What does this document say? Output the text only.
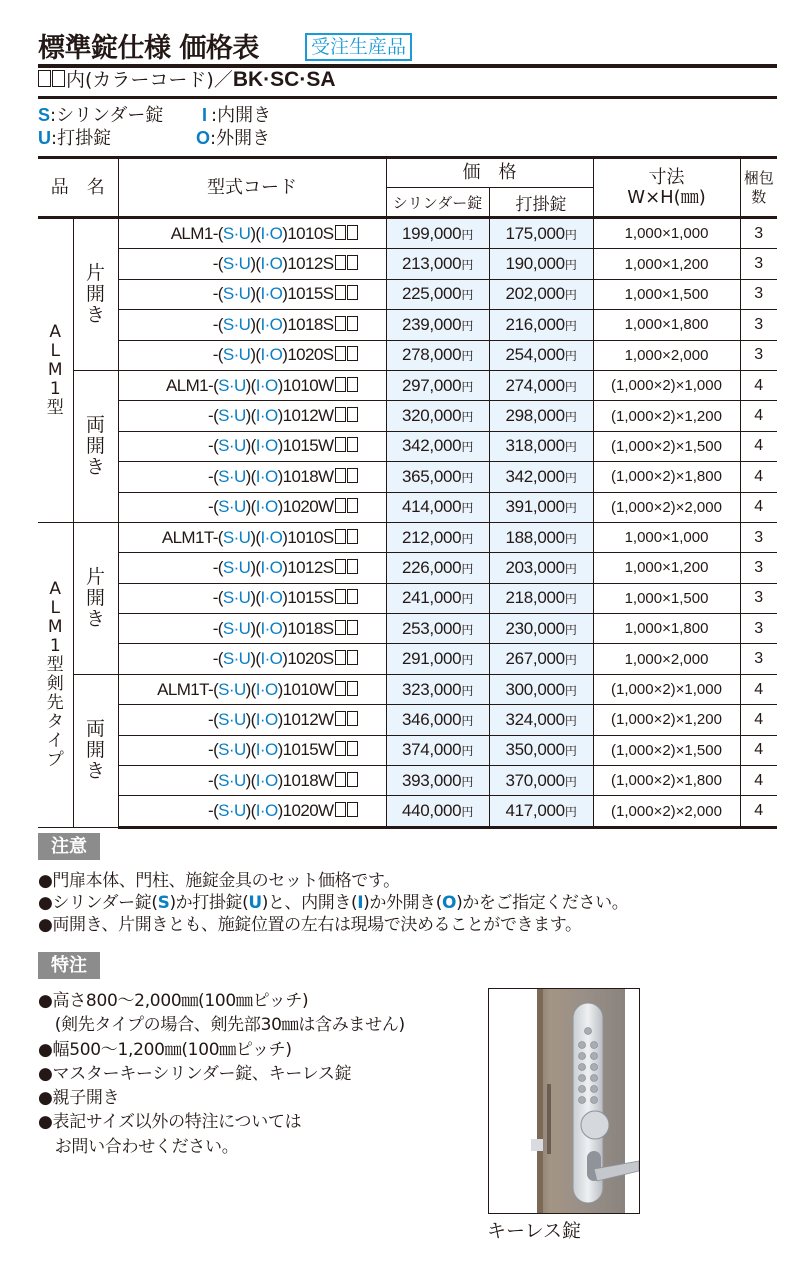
標準錠仕様 価格表	受注生産品
内(カラーコード)／BK·SC·SA
S:シリンダー錠
U:打掛錠
I :内開き
O:外開き
品　名		型式コード	価　格		寸法
W×H(㎜)	梱包数
			シリンダー錠	打掛錠		
ALM1型	片開き	ALM1-(S·U)(I·O)1010S	199,000円	175,000円	1,000×1,000	3
		-(S·U)(I·O)1012S	213,000円	190,000円	1,000×1,200	3
		-(S·U)(I·O)1015S	225,000円	202,000円	1,000×1,500	3
		-(S·U)(I·O)1018S	239,000円	216,000円	1,000×1,800	3
		-(S·U)(I·O)1020S	278,000円	254,000円	1,000×2,000	3
	両開き	ALM1-(S·U)(I·O)1010W	297,000円	274,000円	(1,000×2)×1,000	4
		-(S·U)(I·O)1012W	320,000円	298,000円	(1,000×2)×1,200	4
		-(S·U)(I·O)1015W	342,000円	318,000円	(1,000×2)×1,500	4
		-(S·U)(I·O)1018W	365,000円	342,000円	(1,000×2)×1,800	4
		-(S·U)(I·O)1020W	414,000円	391,000円	(1,000×2)×2,000	4
ALM1型剣先タイプ	片開き	ALM1T-(S·U)(I·O)1010S	212,000円	188,000円	1,000×1,000	3
		-(S·U)(I·O)1012S	226,000円	203,000円	1,000×1,200	3
		-(S·U)(I·O)1015S	241,000円	218,000円	1,000×1,500	3
		-(S·U)(I·O)1018S	253,000円	230,000円	1,000×1,800	3
		-(S·U)(I·O)1020S	291,000円	267,000円	1,000×2,000	3
	両開き	ALM1T-(S·U)(I·O)1010W	323,000円	300,000円	(1,000×2)×1,000	4
		-(S·U)(I·O)1012W	346,000円	324,000円	(1,000×2)×1,200	4
		-(S·U)(I·O)1015W	374,000円	350,000円	(1,000×2)×1,500	4
		-(S·U)(I·O)1018W	393,000円	370,000円	(1,000×2)×1,800	4
		-(S·U)(I·O)1020W	440,000円	417,000円	(1,000×2)×2,000	4
注意
●門扉本体、門柱、施錠金具のセット価格です。
●シリンダー錠(S)か打掛錠(U)と、内開き(I)か外開き(O)かをご指定ください。
●両開き、片開きとも、施錠位置の左右は現場で決めることができます。
特注
●高さ800〜2,000㎜(100㎜ピッチ)
　(剣先タイプの場合、剣先部30㎜は含みません)
●幅500〜1,200㎜(100㎜ピッチ)
●マスターキーシリンダー錠、キーレス錠
●親子開き
●表記サイズ以外の特注については
　お問い合わせください。
キーレス錠
